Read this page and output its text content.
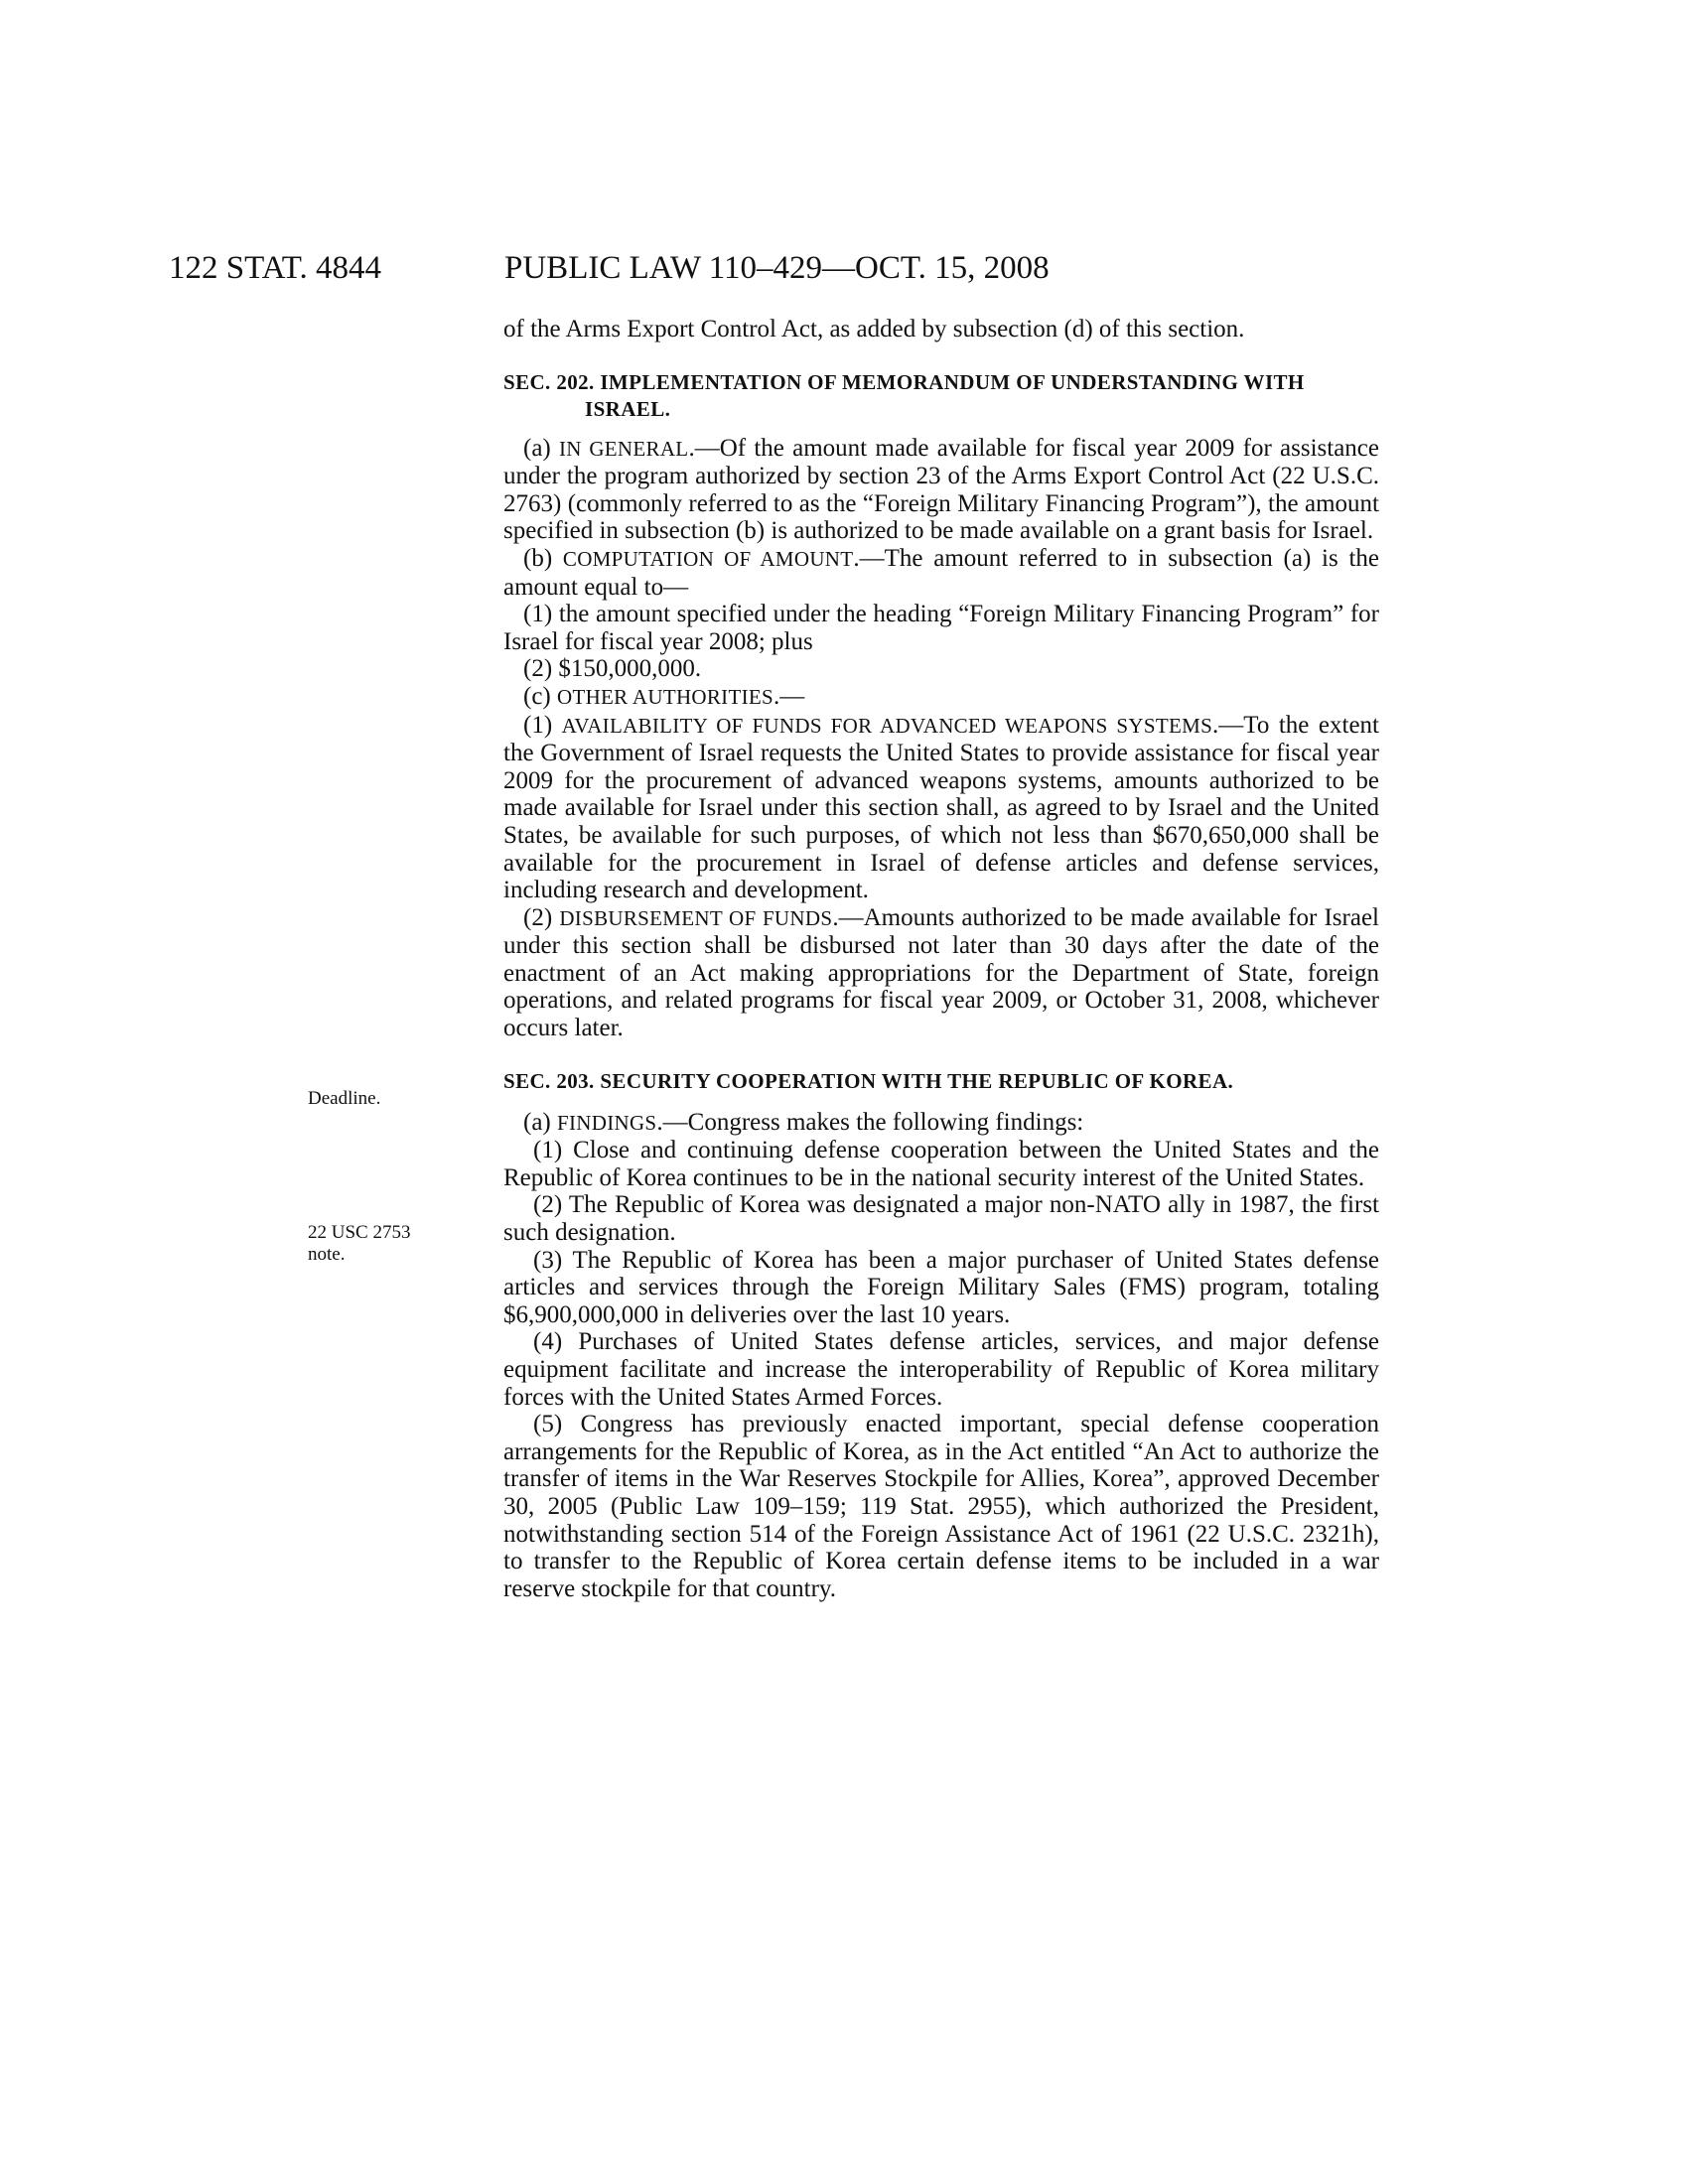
122 STAT. 4844	PUBLIC LAW 110–429—OCT. 15, 2008
Deadline.
22 USC 2753
note.

of the Arms Export Control Act, as added by subsection (d) of this section.

SEC. 202. IMPLEMENTATION OF MEMORANDUM OF UNDERSTANDING WITH ISRAEL.

(a) IN GENERAL.—Of the amount made available for fiscal year 2009 for assistance under the program authorized by section 23 of the Arms Export Control Act (22 U.S.C. 2763) (commonly referred to as the “Foreign Military Financing Program”), the amount specified in subsection (b) is authorized to be made available on a grant basis for Israel.

(b) COMPUTATION OF AMOUNT.—The amount referred to in subsection (a) is the amount equal to—

(1) the amount specified under the heading “Foreign Military Financing Program” for Israel for fiscal year 2008; plus

(2) $150,000,000.

(c) OTHER AUTHORITIES.—

(1) AVAILABILITY OF FUNDS FOR ADVANCED WEAPONS SYSTEMS.—To the extent the Government of Israel requests the United States to provide assistance for fiscal year 2009 for the procurement of advanced weapons systems, amounts authorized to be made available for Israel under this section shall, as agreed to by Israel and the United States, be available for such purposes, of which not less than $670,650,000 shall be available for the procurement in Israel of defense articles and defense services, including research and development.

(2) DISBURSEMENT OF FUNDS.—Amounts authorized to be made available for Israel under this section shall be disbursed not later than 30 days after the date of the enactment of an Act making appropriations for the Department of State, foreign operations, and related programs for fiscal year 2009, or October 31, 2008, whichever occurs later.

SEC. 203. SECURITY COOPERATION WITH THE REPUBLIC OF KOREA.

(a) FINDINGS.—Congress makes the following findings:

(1) Close and continuing defense cooperation between the United States and the Republic of Korea continues to be in the national security interest of the United States.

(2) The Republic of Korea was designated a major non-NATO ally in 1987, the first such designation.

(3) The Republic of Korea has been a major purchaser of United States defense articles and services through the Foreign Military Sales (FMS) program, totaling $6,900,000,000 in deliveries over the last 10 years.

(4) Purchases of United States defense articles, services, and major defense equipment facilitate and increase the interoperability of Republic of Korea military forces with the United States Armed Forces.

(5) Congress has previously enacted important, special defense cooperation arrangements for the Republic of Korea, as in the Act entitled “An Act to authorize the transfer of items in the War Reserves Stockpile for Allies, Korea”, approved December 30, 2005 (Public Law 109–159; 119 Stat. 2955), which authorized the President, notwithstanding section 514 of the Foreign Assistance Act of 1961 (22 U.S.C. 2321h), to transfer to the Republic of Korea certain defense items to be included in a war reserve stockpile for that country.
